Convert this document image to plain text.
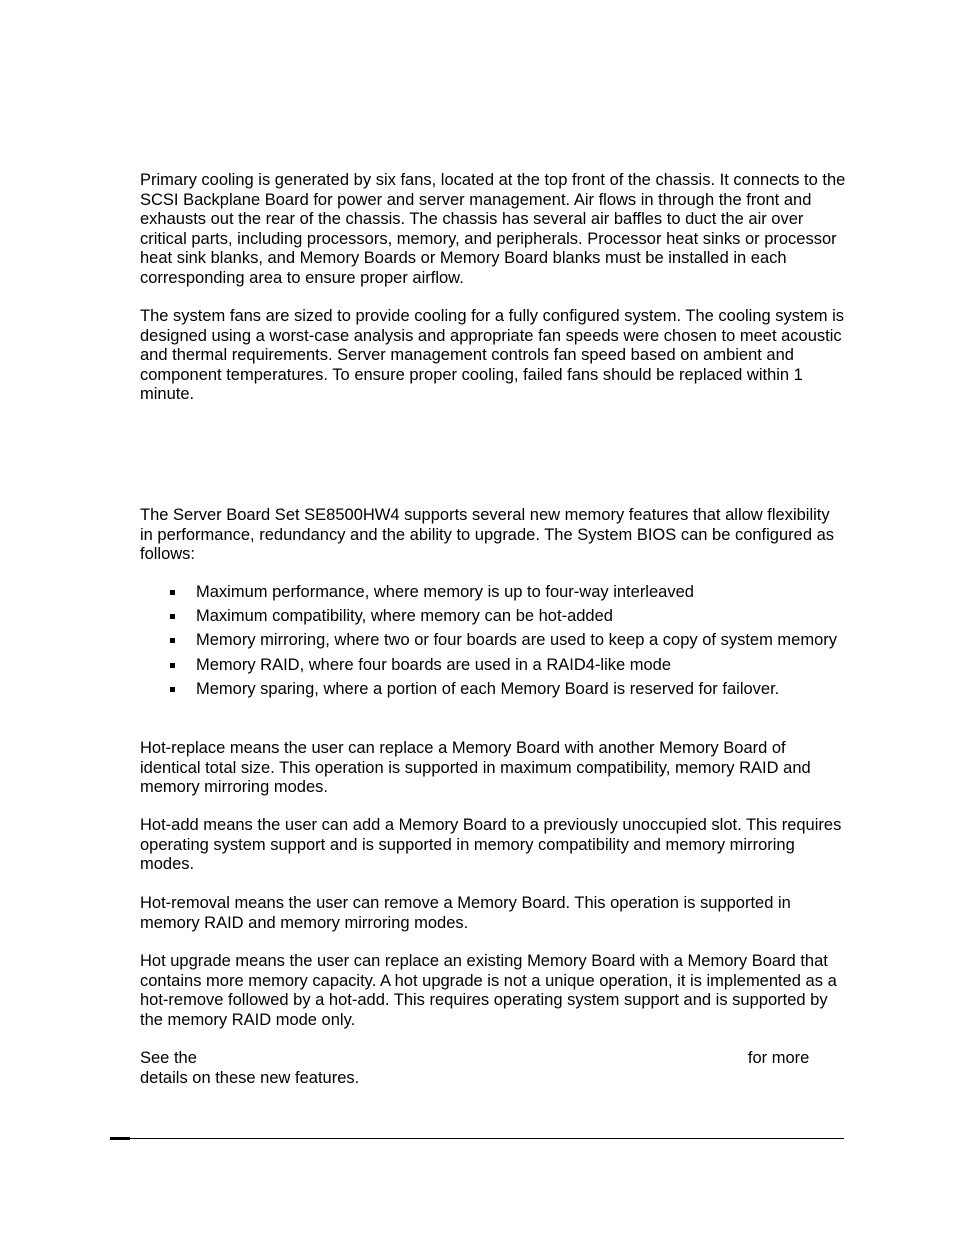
Primary cooling is generated by six fans, located at the top front of the chassis. It connects to the SCSI Backplane Board for power and server management. Air flows in through the front and exhausts out the rear of the chassis. The chassis has several air baffles to duct the air over critical parts, including processors, memory, and peripherals. Processor heat sinks or processor heat sink blanks, and Memory Boards or Memory Board blanks must be installed in each corresponding area to ensure proper airflow.

The system fans are sized to provide cooling for a fully configured system. The cooling system is designed using a worst-case analysis and appropriate fan speeds were chosen to meet acoustic and thermal requirements. Server management controls fan speed based on ambient and component temperatures. To ensure proper cooling, failed fans should be replaced within 1 minute.

The Server Board Set SE8500HW4 supports several new memory features that allow flexibility in performance, redundancy and the ability to upgrade. The System BIOS can be configured as follows:

Maximum performance, where memory is up to four-way interleaved
Maximum compatibility, where memory can be hot-added
Memory mirroring, where two or four boards are used to keep a copy of system memory
Memory RAID, where four boards are used in a RAID4-like mode
Memory sparing, where a portion of each Memory Board is reserved for failover.

Hot-replace means the user can replace a Memory Board with another Memory Board of identical total size. This operation is supported in maximum compatibility, memory RAID and memory mirroring modes.

Hot-add means the user can add a Memory Board to a previously unoccupied slot. This requires operating system support and is supported in memory compatibility and memory mirroring modes.

Hot-removal means the user can remove a Memory Board. This operation is supported in memory RAID and memory mirroring modes.

Hot upgrade means the user can replace an existing Memory Board with a Memory Board that contains more memory capacity. A hot upgrade is not a unique operation, it is implemented as a hot-remove followed by a hot-add. This requires operating system support and is supported by the memory RAID mode only.

See the	for more
details on these new features.
